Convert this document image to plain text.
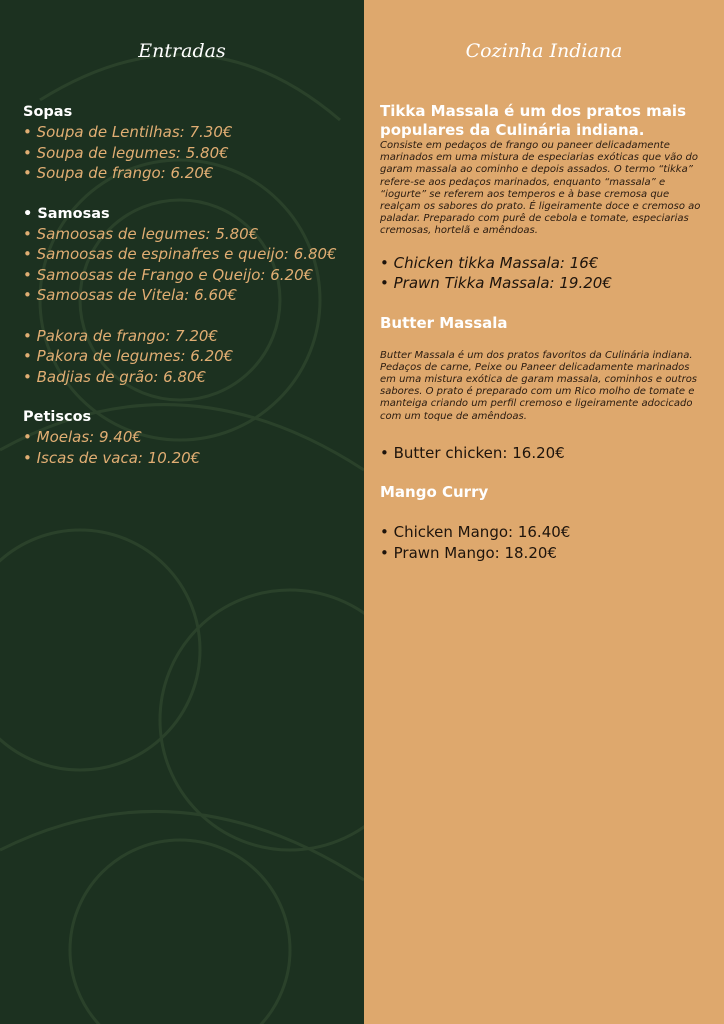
Entradas
Sopas
• Soupa de Lentilhas: 7.30€
• Soupa de legumes: 5.80€
• Soupa de frango: 6.20€
• Samosas
• Samoosas de legumes: 5.80€
• Samoosas de espinafres e queijo: 6.80€
• Samoosas de Frango e Queijo: 6.20€
• Samoosas de Vitela: 6.60€
• Pakora de frango: 7.20€
• Pakora de legumes: 6.20€
• Badjias de grão: 6.80€
Petiscos
• Moelas: 9.40€
• Iscas de vaca: 10.20€
Cozinha Indiana
Tikka Massala é um dos pratos mais populares da Culinária indiana.
Consiste em pedaços de frango ou paneer delicadamente marinados em uma mistura de especiarias exóticas que vão do garam massala ao cominho e depois assados. O termo “tikka” refere-se aos pedaços marinados, enquanto “massala” e “iogurte” se referem aos temperos e à base cremosa que realçam os sabores do prato. É ligeiramente doce e cremoso ao paladar. Preparado com purê de cebola e tomate, especiarias cremosas, hortelã e amêndoas.
• Chicken tikka Massala: 16€
• Prawn Tikka Massala: 19.20€
Butter Massala
Butter Massala é um dos pratos favoritos da Culinária indiana. Pedaços de carne, Peixe ou Paneer delicadamente marinados em uma mistura exótica de garam massala, cominhos e outros sabores. O prato é preparado com um Rico molho de tomate e manteiga criando um perfil cremoso e ligeiramente adocicado com um toque de amêndoas.
• Butter chicken: 16.20€
Mango Curry
• Chicken Mango: 16.40€
• Prawn Mango: 18.20€
